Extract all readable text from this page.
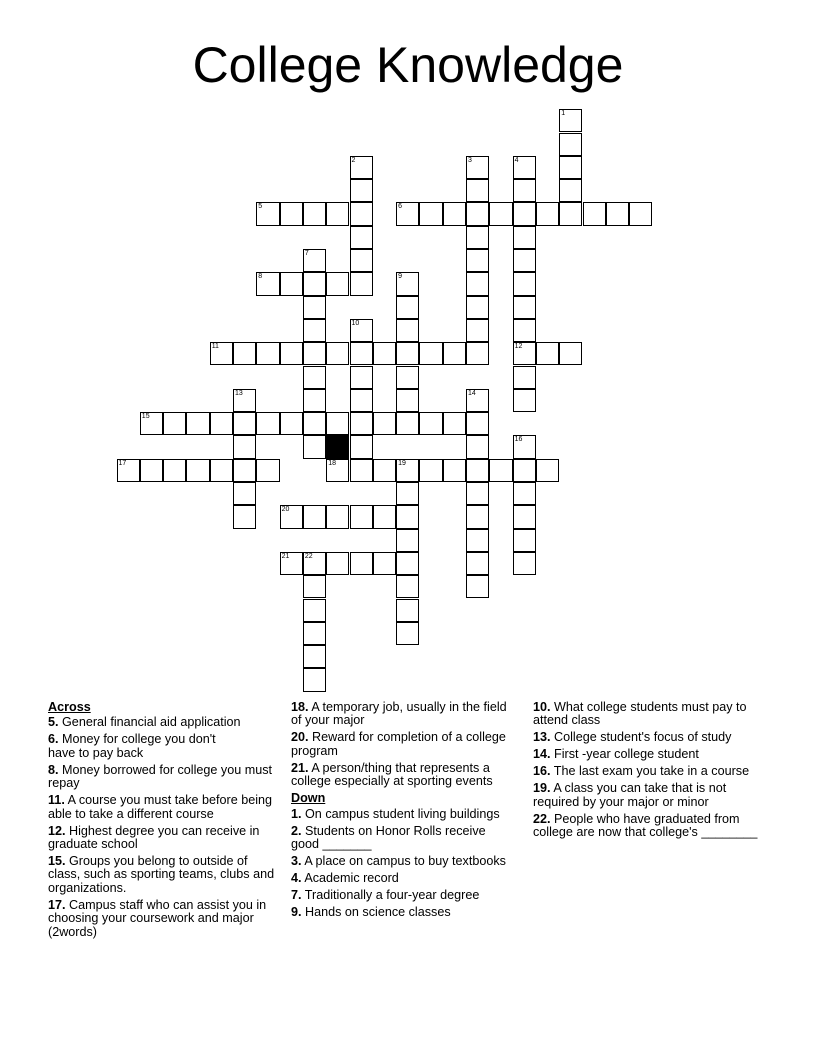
College Knowledge
1
2	3	4
5	6
7
8	9
10
11	12
13	14
15
16
17	18	19
20
21 22
Across
5. General financial aid application
6. Money for college you don't have to pay back
8. Money borrowed for college you must repay
11. A course you must take before being able to take a different course
12. Highest degree you can receive in graduate school
15. Groups you belong to outside of class, such as sporting teams, clubs and organizations.
17. Campus staff who can assist you in choosing your coursework and major (2words)
18. A temporary job, usually in the field of your major
20. Reward for completion of a college program
21. A person/thing that represents a college especially at sporting events
Down
1. On campus student living buildings
2. Students on Honor Rolls receive good _______
3. A place on campus to buy textbooks
4. Academic record
7. Traditionally a four-year degree
9. Hands on science classes
10. What college students must pay to attend class
13. College student's focus of study
14. First -year college student
16. The last exam you take in a course
19. A class you can take that is not required by your major or minor
22. People who have graduated from college are now that college's ________
